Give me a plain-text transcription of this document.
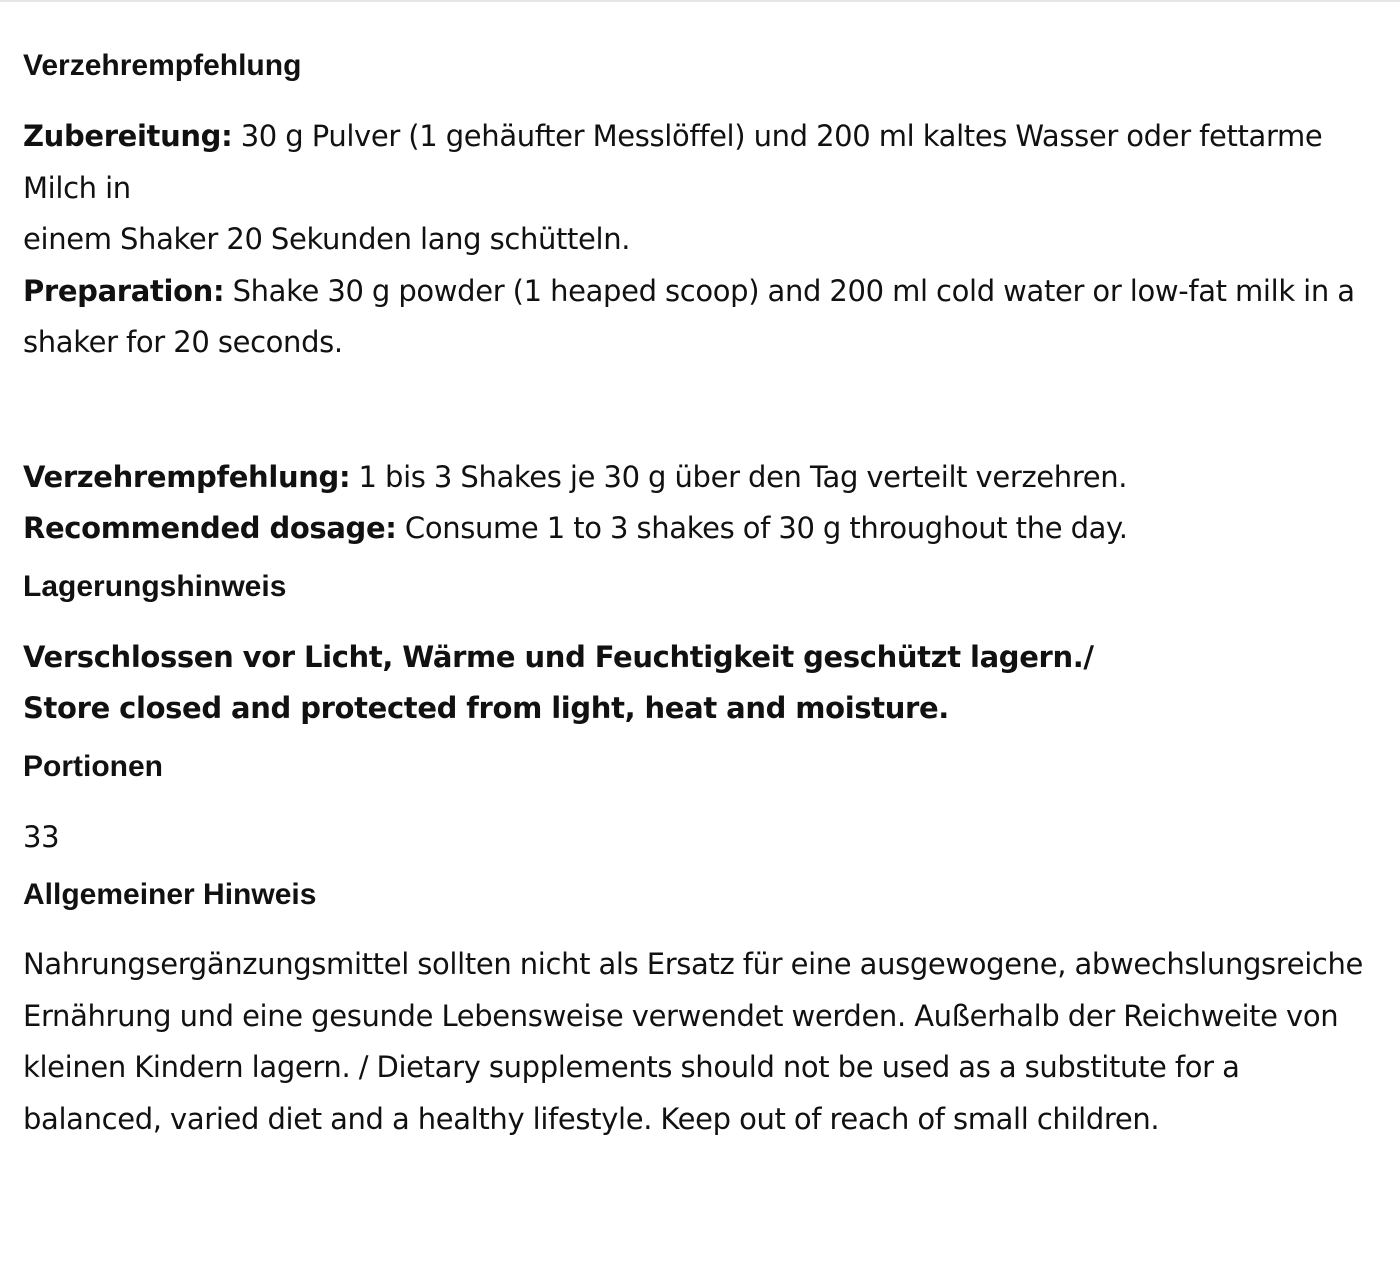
Verzehrempfehlung

Zubereitung: 30 g Pulver (1 gehäufter Messlöffel) und 200 ml kaltes Wasser oder fettarme Milch in
einem Shaker 20 Sekunden lang schütteln.
Preparation: Shake 30 g powder (1 heaped scoop) and 200 ml cold water or low-fat milk in a shaker for 20 seconds.

Verzehrempfehlung: 1 bis 3 Shakes je 30 g über den Tag verteilt verzehren.
Recommended dosage: Consume 1 to 3 shakes of 30 g throughout the day.

Lagerungshinweis

Verschlossen vor Licht, Wärme und Feuchtigkeit geschützt lagern./
Store closed and protected from light, heat and moisture.

Portionen

33

Allgemeiner Hinweis

Nahrungsergänzungsmittel sollten nicht als Ersatz für eine ausgewogene, abwechslungsreiche Ernährung und eine gesunde Lebensweise verwendet werden. Außerhalb der Reichweite von kleinen Kindern lagern. / Dietary supplements should not be used as a substitute for a balanced, varied diet and a healthy lifestyle. Keep out of reach of small children.
